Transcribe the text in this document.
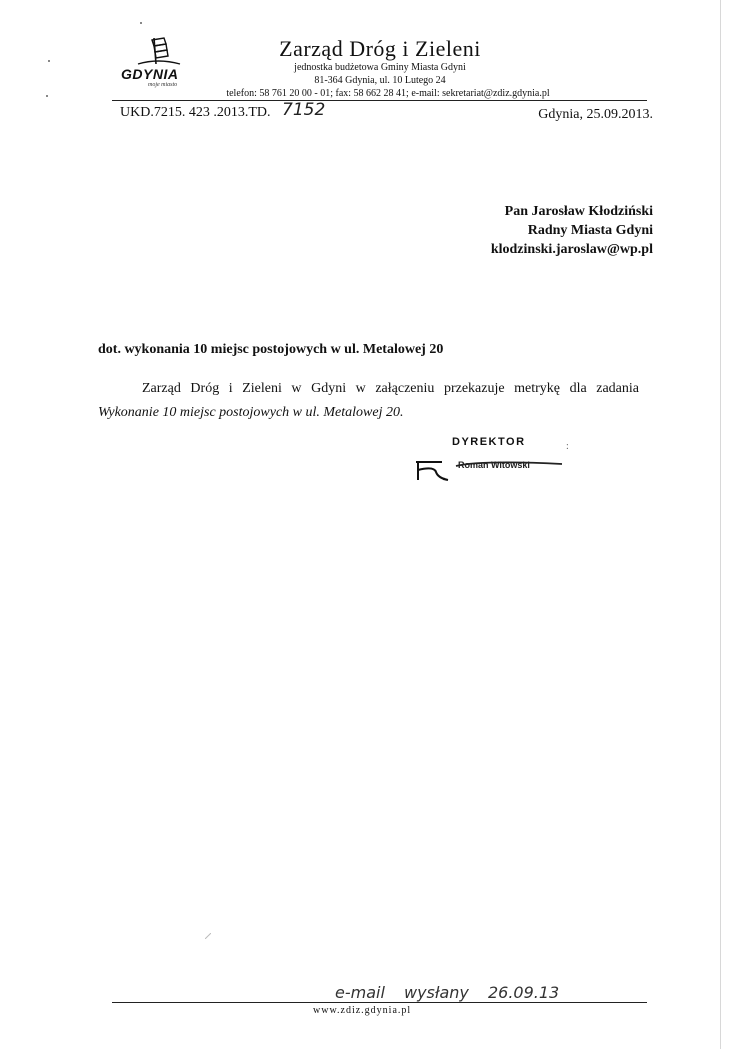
GDYNIA
moje miasto
Zarząd Dróg i Zieleni
jednostka budżetowa Gminy Miasta Gdyni
81-364 Gdynia, ul. 10 Lutego 24
telefon: 58 761 20 00 - 01; fax: 58 662 28 41; e-mail: sekretariat@zdiz.gdynia.pl
UKD.7215. 423 .2013.TD. 7152	Gdynia, 25.09.2013.
Pan Jarosław Kłodziński
Radny Miasta Gdyni
klodzinski.jaroslaw@wp.pl
dot. wykonania 10 miejsc postojowych w ul. Metalowej 20
Zarząd Dróg i Zieleni w Gdyni w załączeniu przekazuje metrykę dla zadania
Wykonanie 10 miejsc postojowych w ul. Metalowej 20.
DYREKTOR	:
Roman Witowski
e-mail wysłany 26.09.13
www.zdiz.gdynia.pl
